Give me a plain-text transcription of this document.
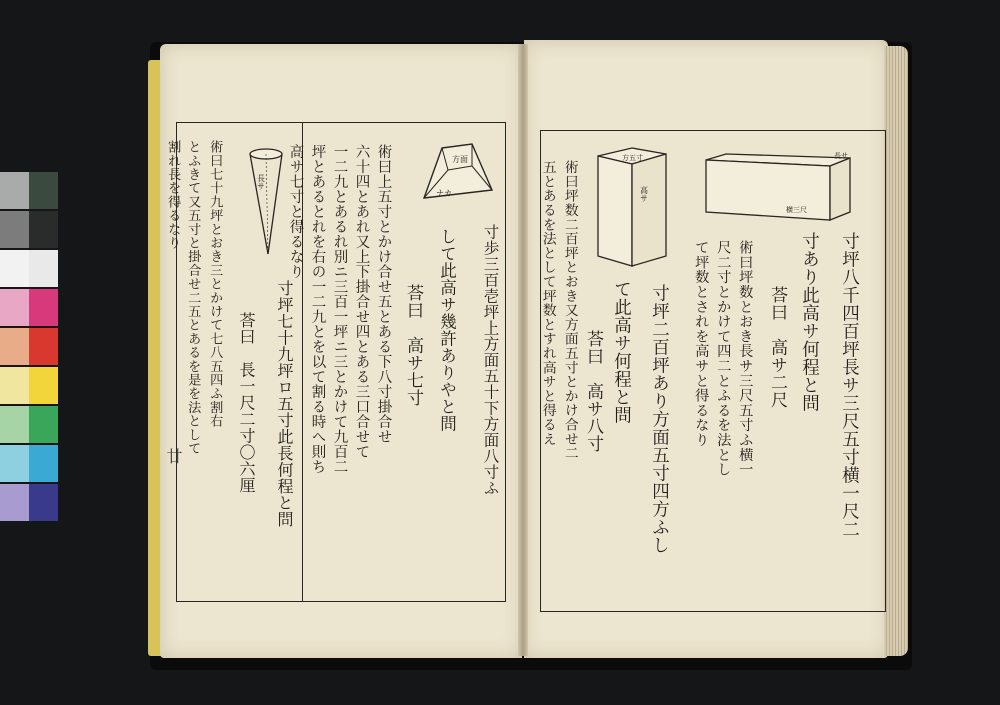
廿
方面
ナカ
長サ
長サ
横三尺
方五寸
高サ
寸歩三百壱坪上方面五十下方面八寸ふ
して此高サ幾許ありやと問
荅曰　高サ七寸
術曰上五寸とかけ合せ五とある下八寸掛合せ
六十四とあれ又上下掛合せ四とある三口合せて
一二九とあるれ別ニ三百一坪ニ三とかけて九百二
坪とあるとれを右の一二九とを以て割る時へ則ち
高サ七寸と得るなり
寸坪七十九坪ロ五寸此長何程と問
荅曰　長一尺二寸〇六厘
術曰七十九坪とおき三とかけて七八五四ふ割右
とふきて又五寸と掛合せ二五とあるを是を法として
割れ長を得るなり
寸坪八千四百坪長サ三尺五寸横一尺二
寸あり此高サ何程と問
荅曰　高サ二尺
術曰坪数とおき長サ三尺五寸ふ横一
尺二寸とかけて四二とふるを法とし
て坪数とされを高サと得るなり
寸坪二百坪あり方面五寸四方ふし
て此高サ何程と問
荅曰　高サ八寸
術曰坪数二百坪とおき又方面五寸とかけ合せ二
五とあるを法として坪数とすれ高サと得るえ
